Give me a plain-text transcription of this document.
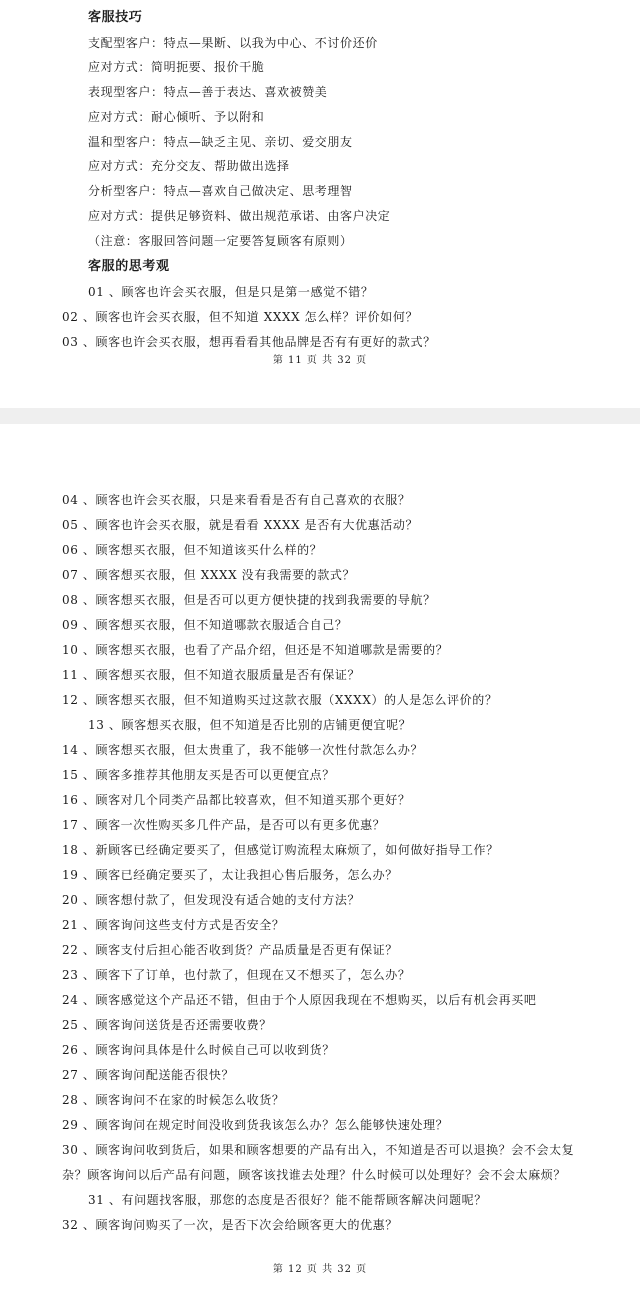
客服技巧
支配型客户：特点—果断、以我为中心、不讨价还价
应对方式：简明扼要、报价干脆
表现型客户：特点—善于表达、喜欢被赞美
应对方式：耐心倾听、予以附和
温和型客户：特点—缺乏主见、亲切、爱交朋友
应对方式：充分交友、帮助做出选择
分析型客户：特点—喜欢自己做决定、思考理智
应对方式：提供足够资料、做出规范承诺、由客户决定
（注意：客服回答问题一定要答复顾客有原则）
客服的思考观
01 、顾客也许会买衣服，但是只是第一感觉不错？
02 、顾客也许会买衣服，但不知道 XXXX 怎么样？评价如何？
03 、顾客也许会买衣服，想再看看其他品牌是否有有更好的款式？
第 11 页 共 32 页
04 、顾客也许会买衣服，只是来看看是否有自己喜欢的衣服？
05 、顾客也许会买衣服，就是看看 XXXX 是否有大优惠活动？
06 、顾客想买衣服，但不知道该买什么样的？
07 、顾客想买衣服，但 XXXX 没有我需要的款式？
08 、顾客想买衣服，但是否可以更方便快捷的找到我需要的导航？
09 、顾客想买衣服，但不知道哪款衣服适合自己？
10 、顾客想买衣服，也看了产品介绍，但还是不知道哪款是需要的？
11 、顾客想买衣服，但不知道衣服质量是否有保证？
12 、顾客想买衣服，但不知道购买过这款衣服（XXXX）的人是怎么评价的？
13 、顾客想买衣服，但不知道是否比别的店铺更便宜呢？
14 、顾客想买衣服，但太贵重了，我不能够一次性付款怎么办？
15 、顾客多推荐其他朋友买是否可以更便宜点？
16 、顾客对几个同类产品都比较喜欢，但不知道买那个更好？
17 、顾客一次性购买多几件产品，是否可以有更多优惠？
18 、新顾客已经确定要买了，但感觉订购流程太麻烦了，如何做好指导工作？
19 、顾客已经确定要买了，太让我担心售后服务，怎么办？
20 、顾客想付款了，但发现没有适合她的支付方法？
21 、顾客询问这些支付方式是否安全？
22 、顾客支付后担心能否收到货？产品质量是否更有保证？
23 、顾客下了订单，也付款了，但现在又不想买了，怎么办？
24 、顾客感觉这个产品还不错，但由于个人原因我现在不想购买，以后有机会再买吧
25 、顾客询问送货是否还需要收费？
26 、顾客询问具体是什么时候自己可以收到货？
27 、顾客询问配送能否很快？
28 、顾客询问不在家的时候怎么收货？
29 、顾客询问在规定时间没收到货我该怎么办？怎么能够快速处理？
30 、顾客询问收到货后，如果和顾客想要的产品有出入，不知道是否可以退换？会不会太复
杂？顾客询问以后产品有问题，顾客该找谁去处理？什么时候可以处理好？会不会太麻烦？
31 、有问题找客服，那您的态度是否很好？能不能帮顾客解决问题呢？
32 、顾客询问购买了一次，是否下次会给顾客更大的优惠？
第 12 页 共 32 页
